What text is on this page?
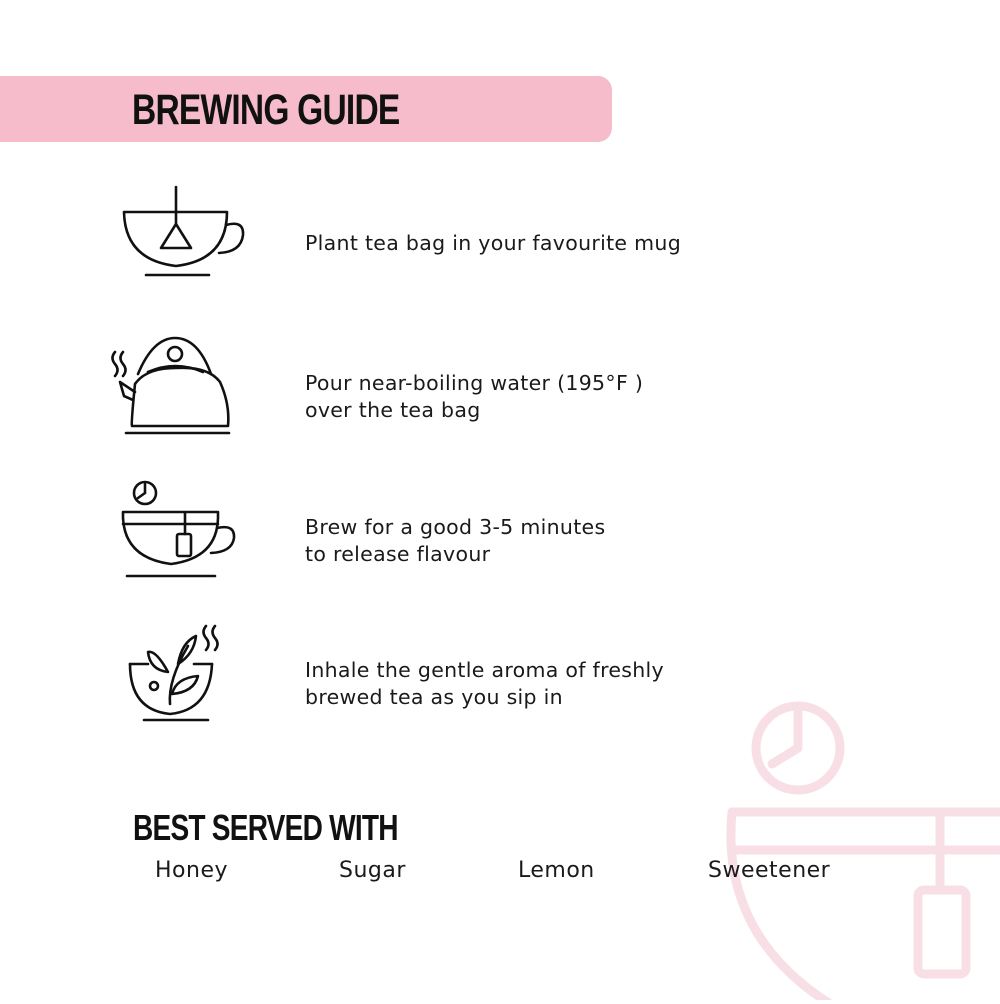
BREWING GUIDE
Plant tea bag in your favourite mug
Pour near-boiling water (195°F )
over the tea bag
Brew for a good 3-5 minutes
to release flavour
Inhale the gentle aroma of freshly
brewed tea as you sip in
BEST SERVED WITH
Honey	Sugar	Lemon	Sweetener
